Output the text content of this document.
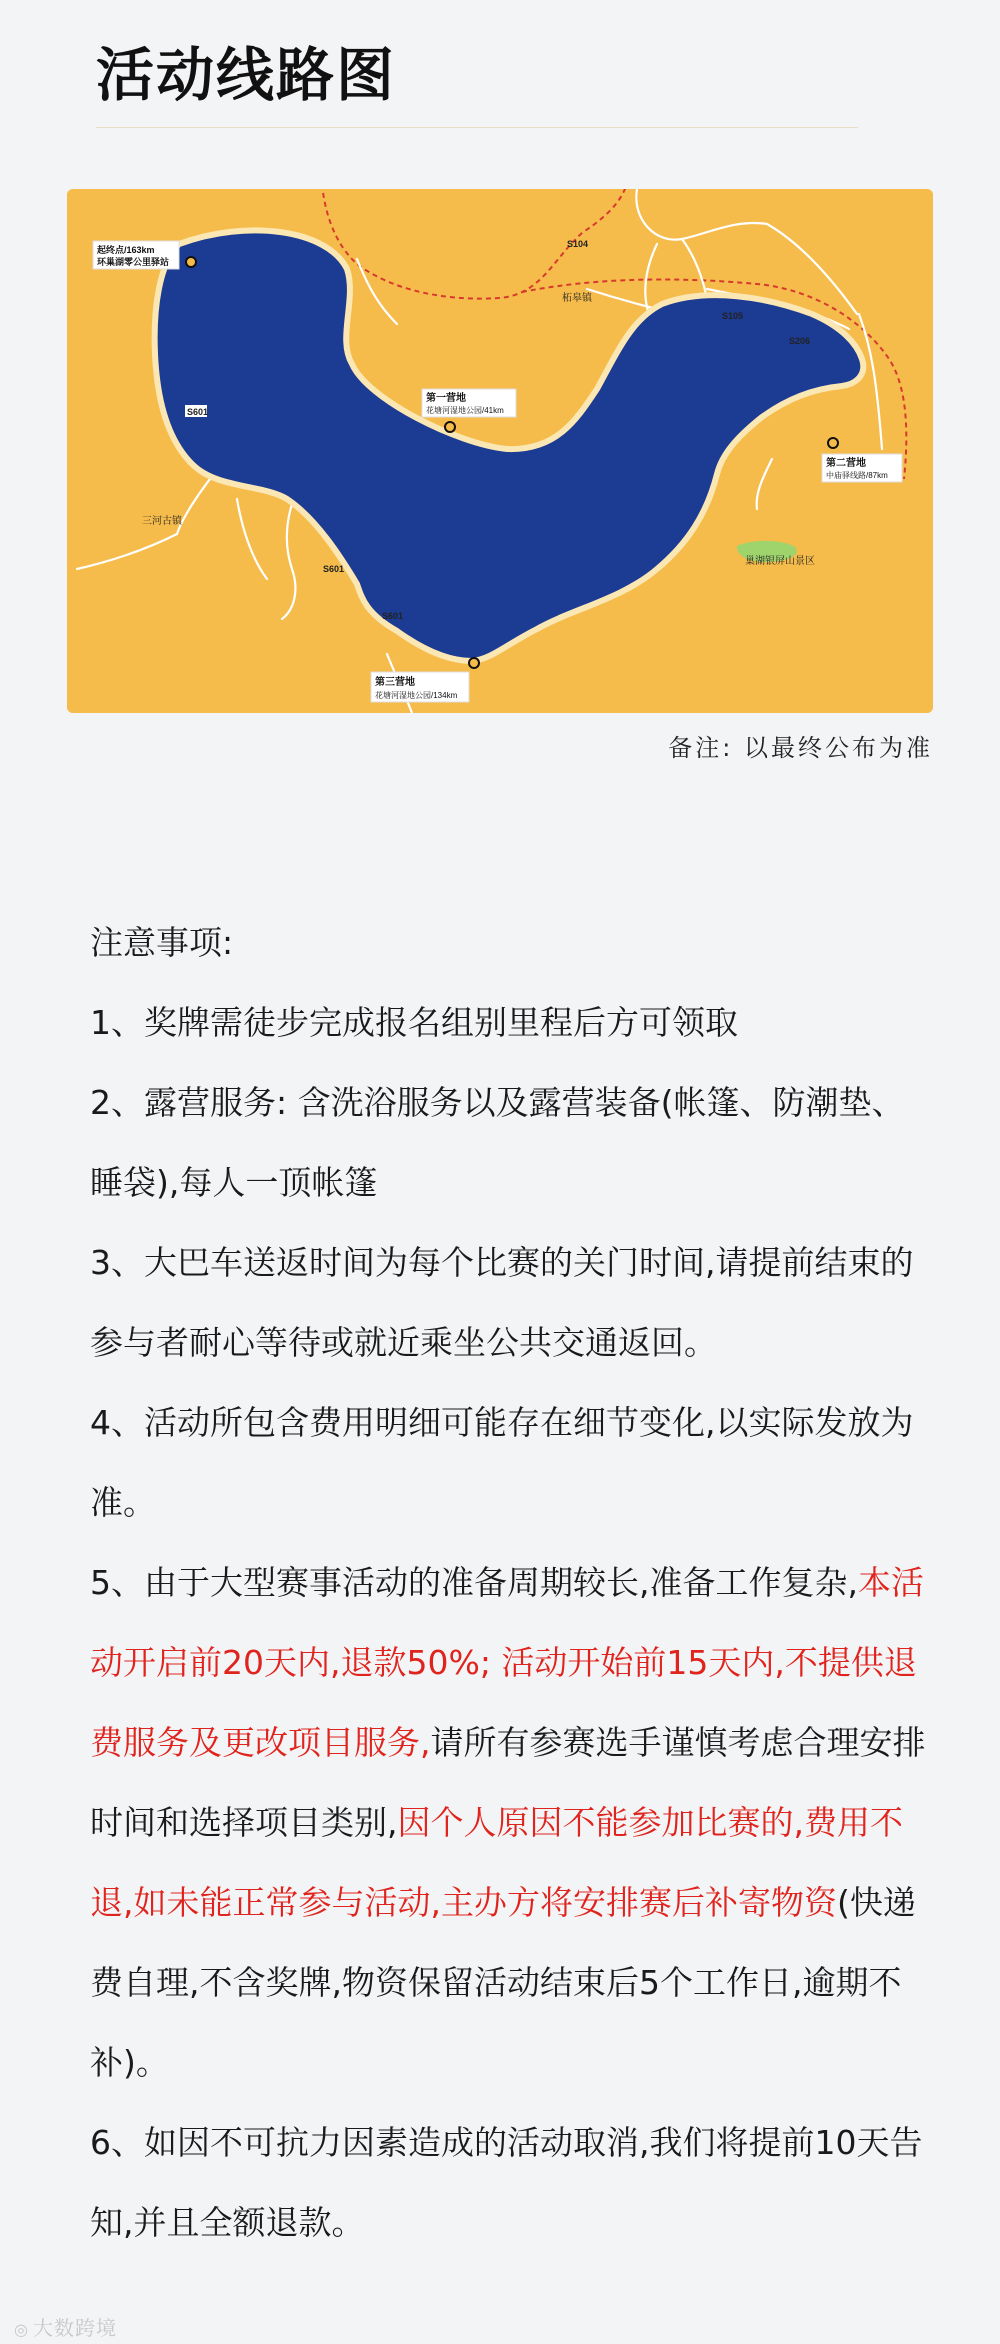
活动线路图
S601
S601
S601
S104
S105
S206
三河古镇
柘皋镇
中导镇
巢湖银屏山景区
起终点/163km
环巢湖零公里驿站
第一营地
花塘河湿地公园/41km
第二营地
中庙驿线路/87km
第三营地
花塘河湿地公园/134km
备注: 以最终公布为准

注意事项:

1、奖牌需徒步完成报名组别里程后方可领取

2、露营服务: 含洗浴服务以及露营装备(帐篷、防潮垫、睡袋),每人一顶帐篷

3、大巴车送返时间为每个比赛的关门时间,请提前结束的参与者耐心等待或就近乘坐公共交通返回。

4、活动所包含费用明细可能存在细节变化,以实际发放为准。

5、由于大型赛事活动的准备周期较长,准备工作复杂,本活动开启前20天内,退款50%; 活动开始前15天内,不提供退费服务及更改项目服务,请所有参赛选手谨慎考虑合理安排时间和选择项目类别,因个人原因不能参加比赛的,费用不退,如未能正常参与活动,主办方将安排赛后补寄物资(快递费自理,不含奖牌,物资保留活动结束后5个工作日,逾期不补)。

6、如因不可抗力因素造成的活动取消,我们将提前10天告知,并且全额退款。

◎ 大数跨境
